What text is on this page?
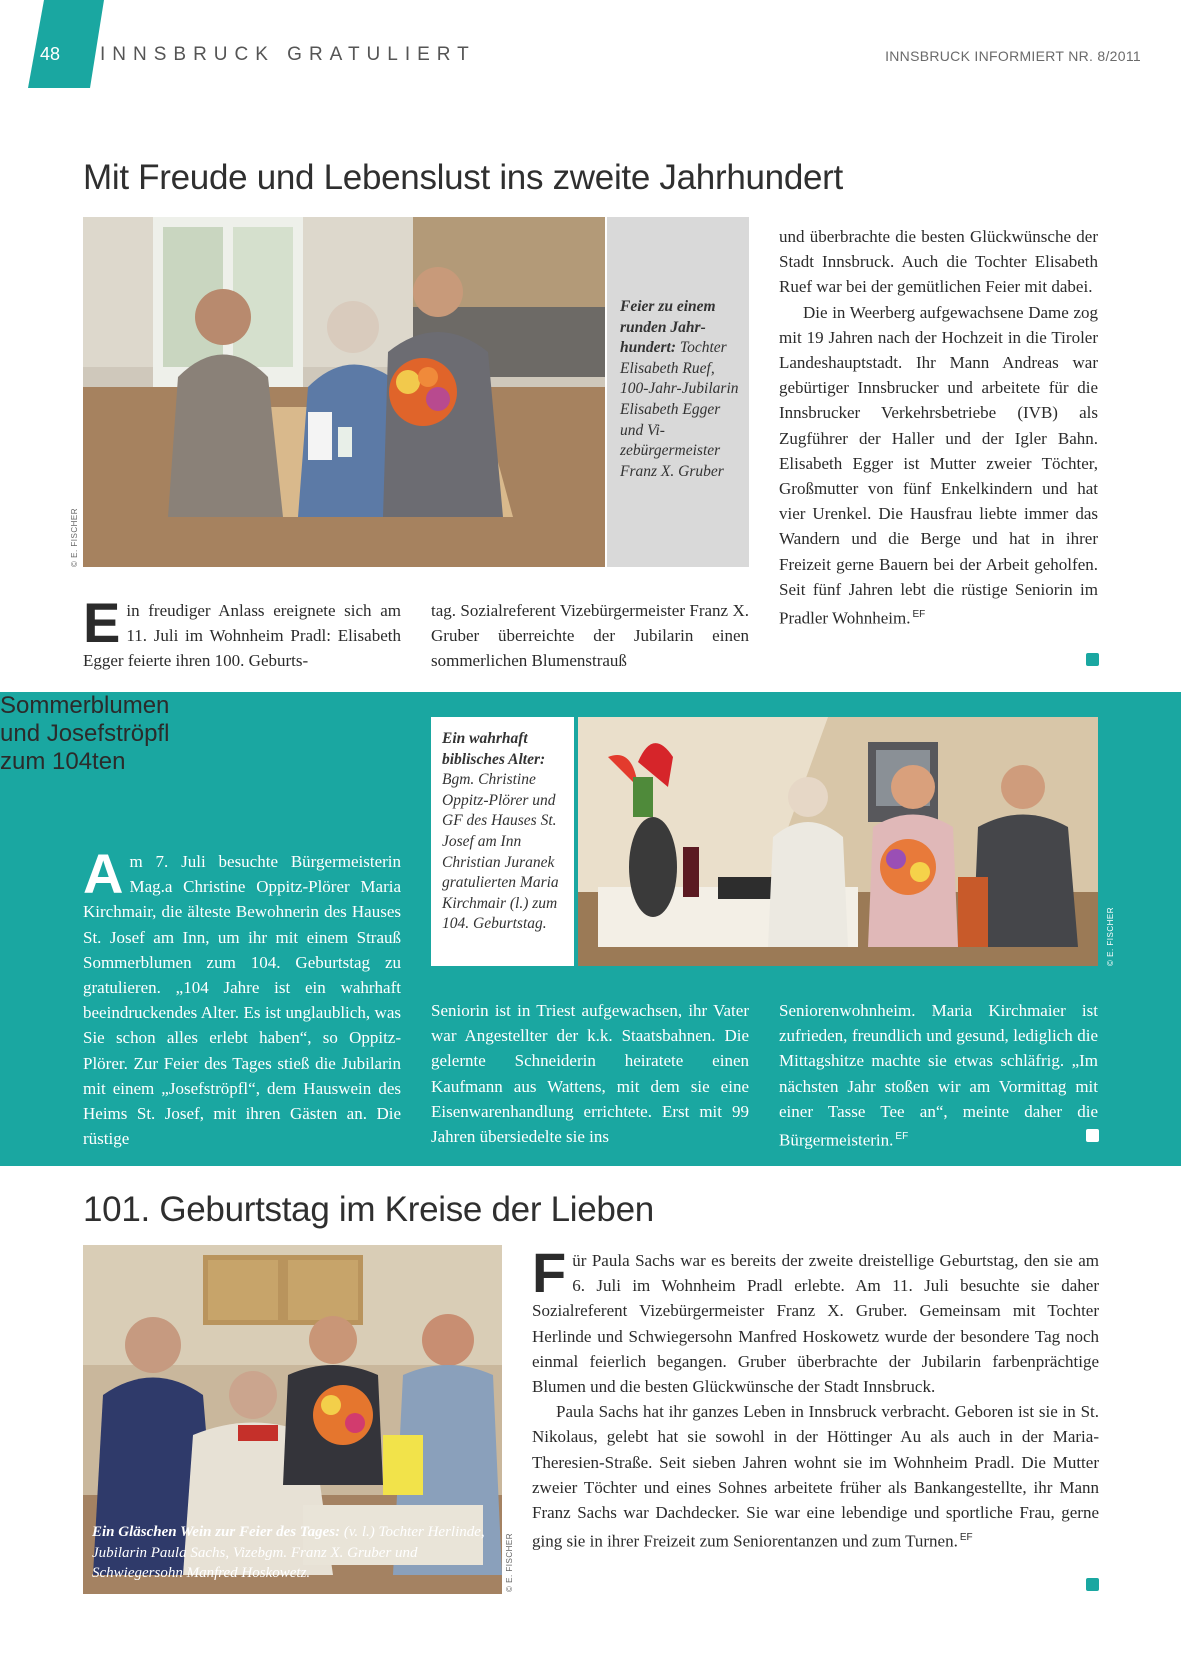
48	INNSBRUCK GRATULIERT	INNSBRUCK INFORMIERT NR. 8/2011
Mit Freude und Lebenslust ins zweite Jahrhundert
Feier zu einem runden Jahrhundert: Tochter Elisabeth Ruef, 100-Jahr-Jubilarin Elisabeth Egger und Vizebürgermeister Franz X. Gruber
© E. FISCHER
Ein freudiger Anlass ereignete sich am 11. Juli im Wohnheim Pradl: Elisabeth Egger feierte ihren 100. Geburts-
tag. Sozialreferent Vizebürgermeister Franz X. Gruber überreichte der Jubilarin einen sommerlichen Blumenstrauß

und überbrachte die besten Glückwünsche der Stadt Innsbruck. Auch die Tochter Elisabeth Ruef war bei der gemütlichen Feier mit dabei.

Die in Weerberg aufgewachsene Dame zog mit 19 Jahren nach der Hochzeit in die Tiroler Landeshauptstadt. Ihr Mann Andreas war gebürtiger Innsbrucker und arbeitete für die Innsbrucker Verkehrsbetriebe (IVB) als Zugführer der Haller und der Igler Bahn. Elisabeth Egger ist Mutter zweier Töchter, Großmutter von fünf Enkelkindern und hat vier Urenkel. Die Hausfrau liebte immer das Wandern und die Berge und hat in ihrer Freizeit gerne Bauern bei der Arbeit geholfen. Seit fünf Jahren lebt die rüstige Seniorin im Pradler Wohnheim. $^{EF}$

Sommerblumen
und Josefströpfl
zum 104ten
Ein wahrhaft biblisches Alter: Bgm. Christine Oppitz-Plörer und GF des Hauses St. Josef am Inn Christian Juranek gratulierten Maria Kirchmair (l.) zum 104. Geburtstag.	© E. FISCHER
Am 7. Juli besuchte Bürgermeisterin Mag.a Christine Oppitz-Plörer Maria Kirchmair, die älteste Bewohnerin des Hauses St. Josef am Inn, um ihr mit einem Strauß Sommerblumen zum 104. Geburtstag zu gratulieren. „104 Jahre ist ein wahrhaft beeindruckendes Alter. Es ist unglaublich, was Sie schon alles erlebt haben“, so Oppitz-Plörer. Zur Feier des Tages stieß die Jubilarin mit einem „Josefströpfl“, dem Hauswein des Heims St. Josef, mit ihren Gästen an. Die rüstige
Seniorin ist in Triest aufgewachsen, ihr Vater war Angestellter der k.k. Staatsbahnen. Die gelernte Schneiderin heiratete einen Kaufmann aus Wattens, mit dem sie eine Eisenwarenhandlung errichtete. Erst mit 99 Jahren übersiedelte sie ins
Seniorenwohnheim. Maria Kirchmaier ist zufrieden, freundlich und gesund, lediglich die Mittagshitze machte sie etwas schläfrig. „Im nächsten Jahr stoßen wir am Vormittag mit einer Tasse Tee an“, meinte daher die Bürgermeisterin. $^{EF}$
101. Geburtstag im Kreise der Lieben
Ein Gläschen Wein zur Feier des Tages: (v. l.) Tochter Herlinde, Jubilarin Paula Sachs, Vizebgm. Franz X. Gruber und Schwiegersohn Manfred Hoskowetz.	© E. FISCHER

Für Paula Sachs war es bereits der zweite dreistellige Geburtstag, den sie am 6. Juli im Wohnheim Pradl erlebte. Am 11. Juli besuchte sie daher Sozialreferent Vizebürgermeister Franz X. Gruber. Gemeinsam mit Tochter Herlinde und Schwiegersohn Manfred Hoskowetz wurde der besondere Tag noch einmal feierlich begangen. Gruber überbrachte der Jubilarin farbenprächtige Blumen und die besten Glückwünsche der Stadt Innsbruck.

Paula Sachs hat ihr ganzes Leben in Innsbruck verbracht. Geboren ist sie in St. Nikolaus, gelebt hat sie sowohl in der Höttinger Au als auch in der Maria-Theresien-Straße. Seit sieben Jahren wohnt sie im Wohnheim Pradl. Die Mutter zweier Töchter und eines Sohnes arbeitete früher als Bankangestellte, ihr Mann Franz Sachs war Dachdecker. Sie war eine lebendige und sportliche Frau, gerne ging sie in ihrer Freizeit zum Seniorentanzen und zum Turnen. $^{EF}$
